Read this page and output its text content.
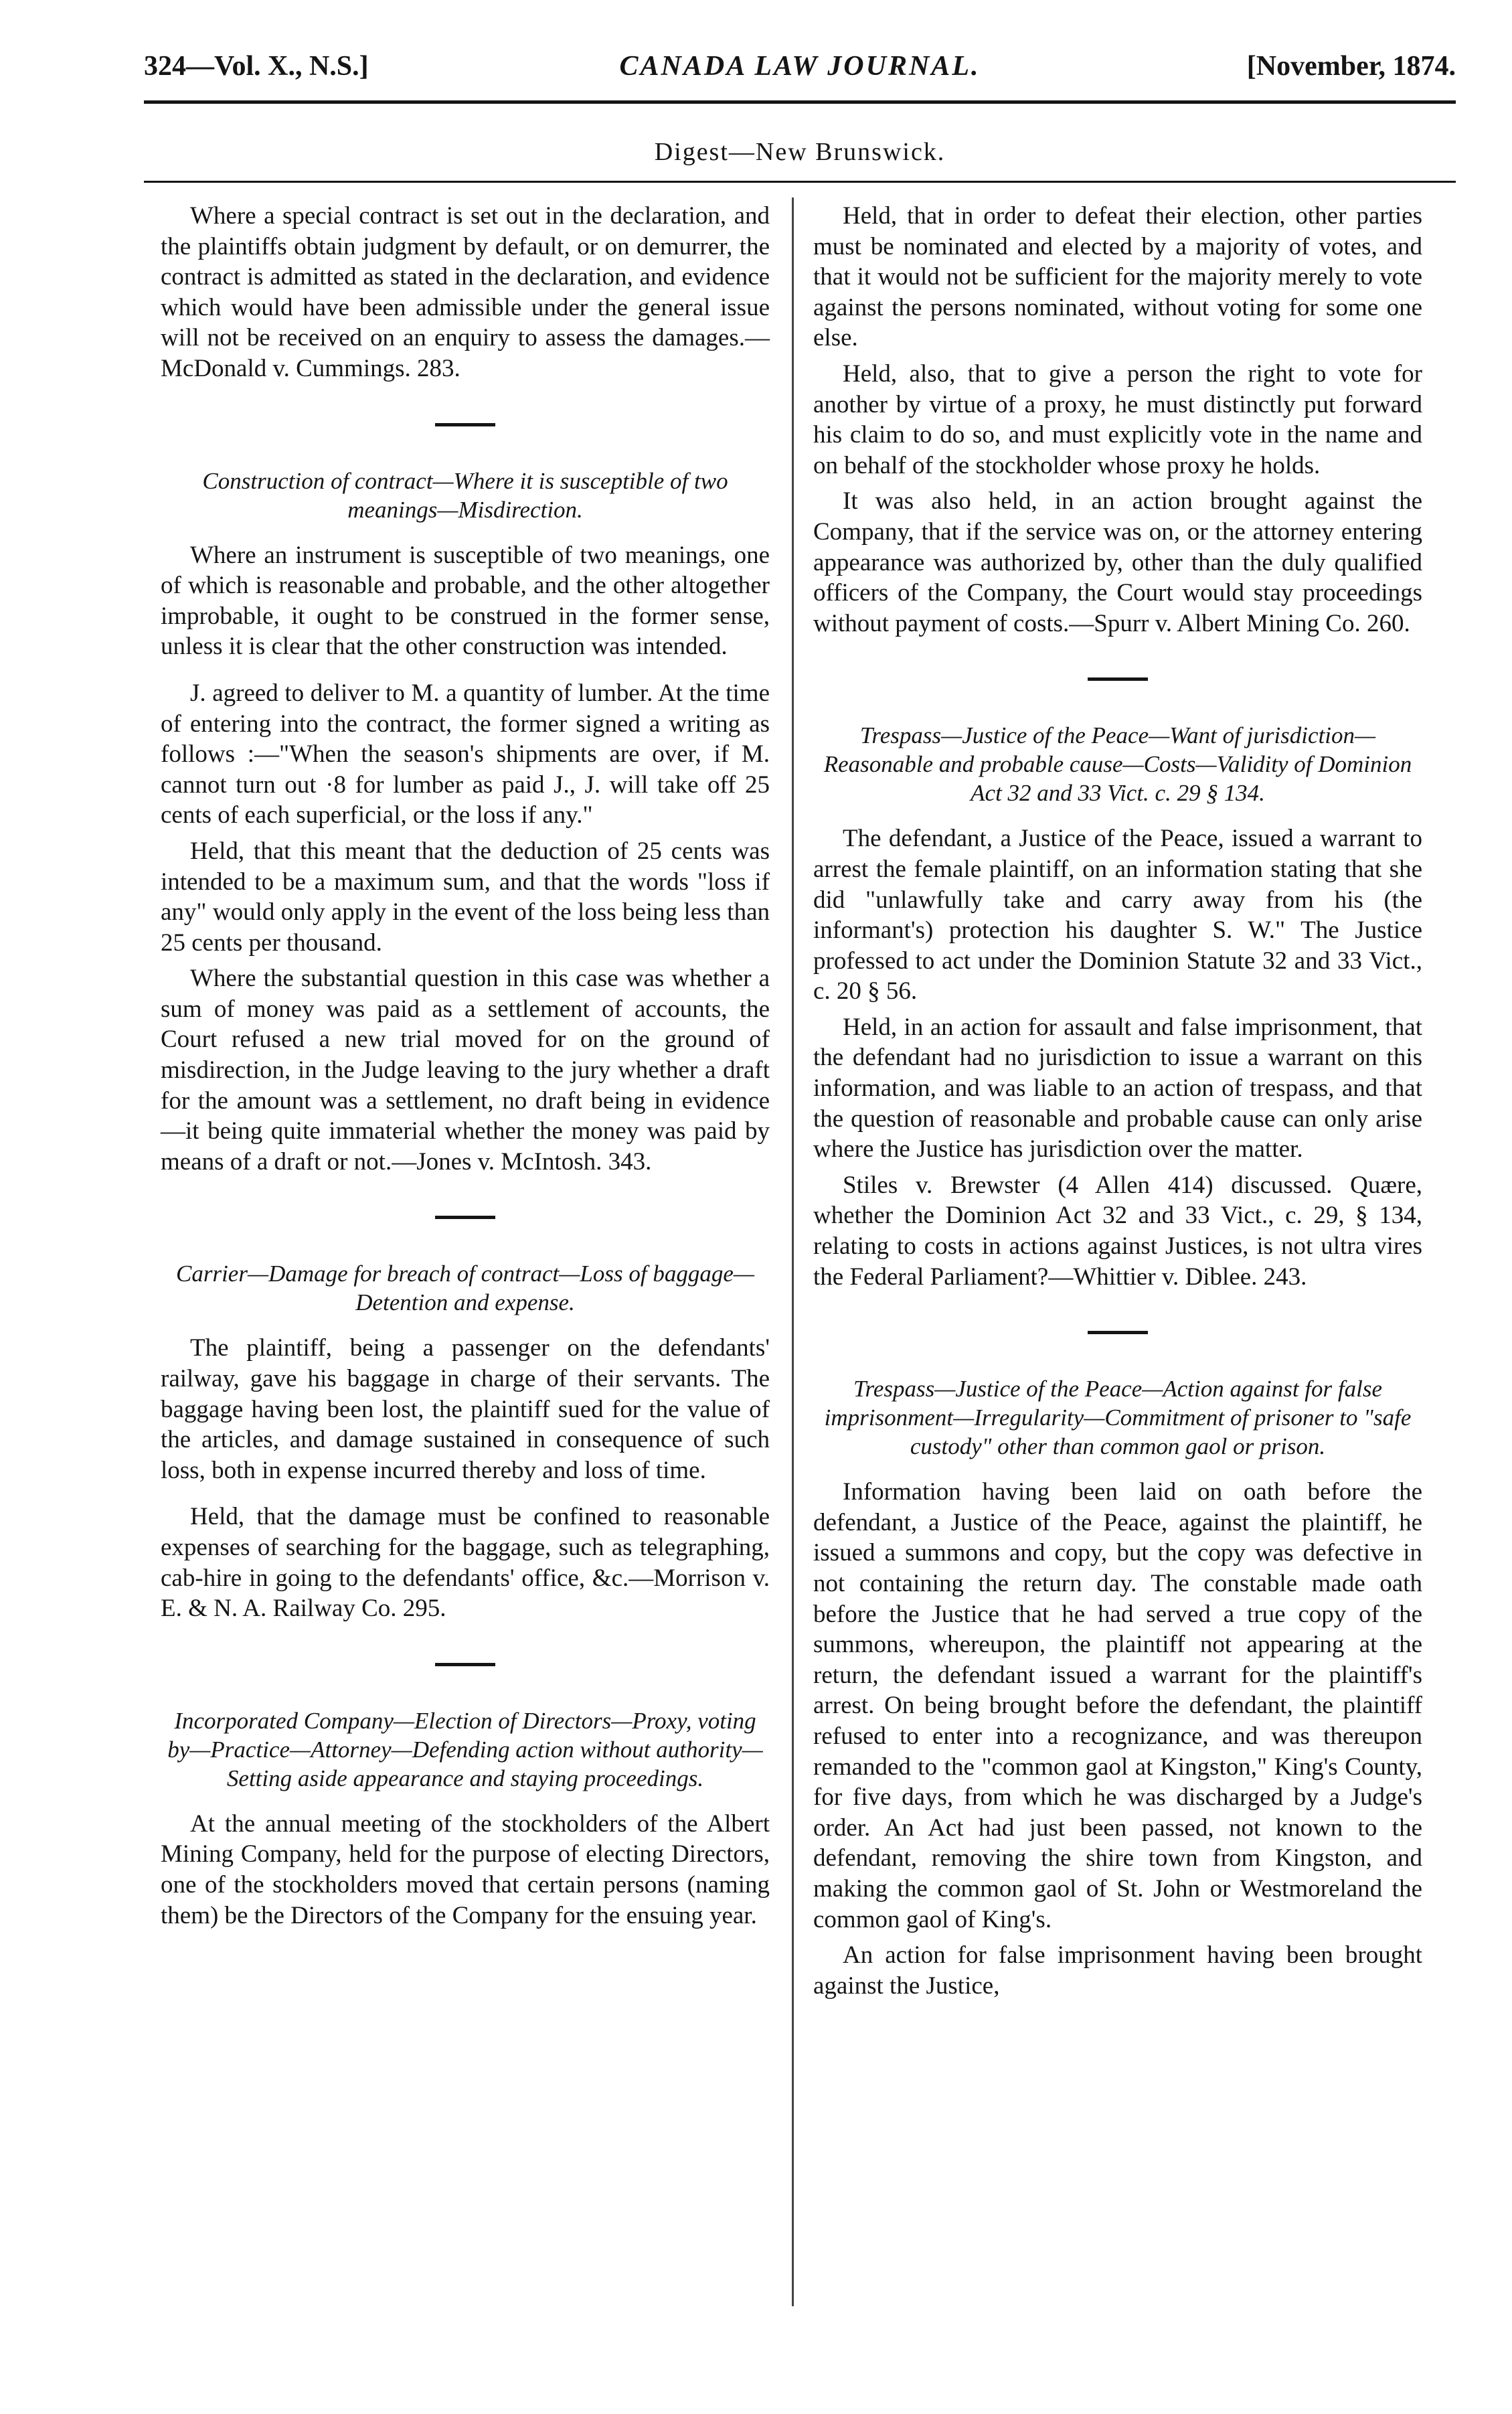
324—Vol. X., N.S.]	CANADA LAW JOURNAL.	[November, 1874.
Digest—New Brunswick.

Where a special contract is set out in the declaration, and the plaintiffs obtain judgment by default, or on demurrer, the contract is admitted as stated in the declaration, and evidence which would have been admissible under the general issue will not be received on an enquiry to assess the damages.—McDonald v. Cummings. 283.

Construction of contract—Where it is susceptible of two meanings—Misdirection.

Where an instrument is susceptible of two meanings, one of which is reasonable and probable, and the other altogether improbable, it ought to be construed in the former sense, unless it is clear that the other construction was intended.

J. agreed to deliver to M. a quantity of lumber. At the time of entering into the contract, the former signed a writing as follows :—"When the season's shipments are over, if M. cannot turn out ·8 for lumber as paid J., J. will take off 25 cents of each superficial, or the loss if any."

Held, that this meant that the deduction of 25 cents was intended to be a maximum sum, and that the words "loss if any" would only apply in the event of the loss being less than 25 cents per thousand.

Where the substantial question in this case was whether a sum of money was paid as a settlement of accounts, the Court refused a new trial moved for on the ground of misdirection, in the Judge leaving to the jury whether a draft for the amount was a settlement, no draft being in evidence—it being quite immaterial whether the money was paid by means of a draft or not.—Jones v. McIntosh. 343.

Carrier—Damage for breach of contract—Loss of baggage—Detention and expense.

The plaintiff, being a passenger on the defendants' railway, gave his baggage in charge of their servants. The baggage having been lost, the plaintiff sued for the value of the articles, and damage sustained in consequence of such loss, both in expense incurred thereby and loss of time.

Held, that the damage must be confined to reasonable expenses of searching for the baggage, such as telegraphing, cab-hire in going to the defendants' office, &c.—Morrison v. E. & N. A. Railway Co. 295.

Incorporated Company—Election of Directors—Proxy, voting by—Practice—Attorney—Defending action without authority—Setting aside appearance and staying proceedings.

At the annual meeting of the stockholders of the Albert Mining Company, held for the purpose of electing Directors, one of the stockholders moved that certain persons (naming them) be the Directors of the Company for the ensuing year.

Held, that in order to defeat their election, other parties must be nominated and elected by a majority of votes, and that it would not be sufficient for the majority merely to vote against the persons nominated, without voting for some one else.

Held, also, that to give a person the right to vote for another by virtue of a proxy, he must distinctly put forward his claim to do so, and must explicitly vote in the name and on behalf of the stockholder whose proxy he holds.

It was also held, in an action brought against the Company, that if the service was on, or the attorney entering appearance was authorized by, other than the duly qualified officers of the Company, the Court would stay proceedings without payment of costs.—Spurr v. Albert Mining Co. 260.

Trespass—Justice of the Peace—Want of jurisdiction—Reasonable and probable cause—Costs—Validity of Dominion Act 32 and 33 Vict. c. 29 § 134.

The defendant, a Justice of the Peace, issued a warrant to arrest the female plaintiff, on an information stating that she did "unlawfully take and carry away from his (the informant's) protection his daughter S. W." The Justice professed to act under the Dominion Statute 32 and 33 Vict., c. 20 § 56.

Held, in an action for assault and false imprisonment, that the defendant had no jurisdiction to issue a warrant on this information, and was liable to an action of trespass, and that the question of reasonable and probable cause can only arise where the Justice has jurisdiction over the matter.

Stiles v. Brewster (4 Allen 414) discussed. Quære, whether the Dominion Act 32 and 33 Vict., c. 29, § 134, relating to costs in actions against Justices, is not ultra vires the Federal Parliament?—Whittier v. Diblee. 243.

Trespass—Justice of the Peace—Action against for false imprisonment—Irregularity—Commitment of prisoner to "safe custody" other than common gaol or prison.

Information having been laid on oath before the defendant, a Justice of the Peace, against the plaintiff, he issued a summons and copy, but the copy was defective in not containing the return day. The constable made oath before the Justice that he had served a true copy of the summons, whereupon, the plaintiff not appearing at the return, the defendant issued a warrant for the plaintiff's arrest. On being brought before the defendant, the plaintiff refused to enter into a recognizance, and was thereupon remanded to the "common gaol at Kingston," King's County, for five days, from which he was discharged by a Judge's order. An Act had just been passed, not known to the defendant, removing the shire town from Kingston, and making the common gaol of St. John or Westmoreland the common gaol of King's.

An action for false imprisonment having been brought against the Justice,
